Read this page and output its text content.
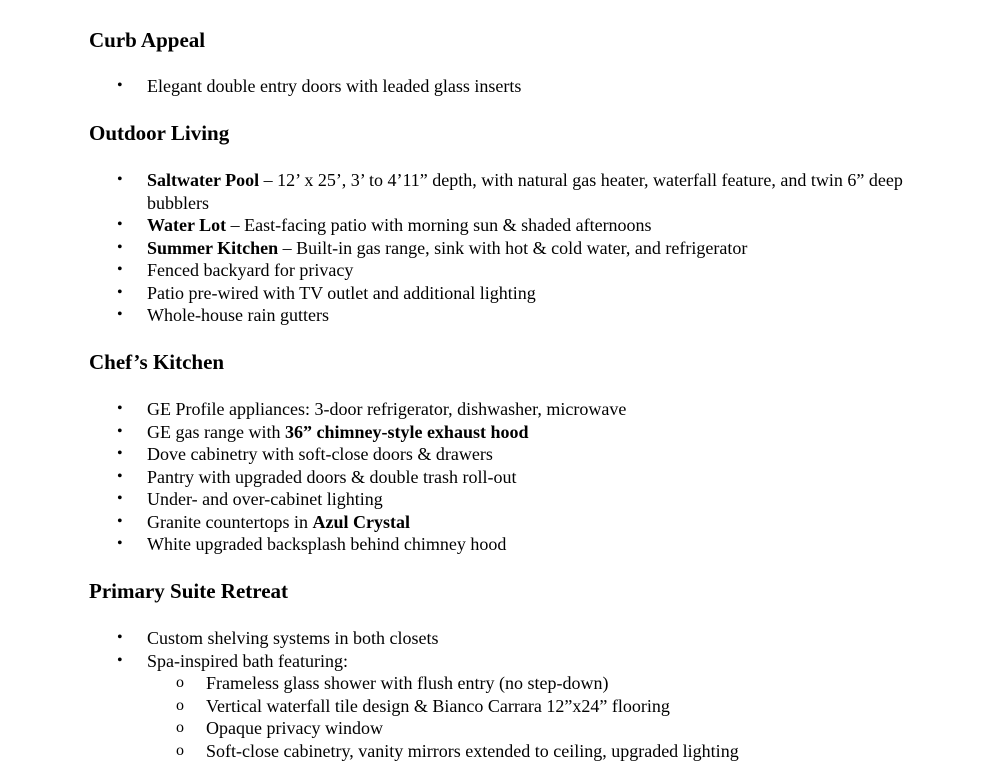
Curb Appeal
• Elegant double entry doors with leaded glass inserts
Outdoor Living
• Saltwater Pool – 12’ x 25’, 3’ to 4’11” depth, with natural gas heater, waterfall feature, and twin 6” deep bubblers
• Water Lot – East-facing patio with morning sun & shaded afternoons
• Summer Kitchen – Built-in gas range, sink with hot & cold water, and refrigerator
• Fenced backyard for privacy
• Patio pre-wired with TV outlet and additional lighting
• Whole-house rain gutters
Chef’s Kitchen
• GE Profile appliances: 3-door refrigerator, dishwasher, microwave
• GE gas range with 36” chimney-style exhaust hood
• Dove cabinetry with soft-close doors & drawers
• Pantry with upgraded doors & double trash roll-out
• Under- and over-cabinet lighting
• Granite countertops in Azul Crystal
• White upgraded backsplash behind chimney hood
Primary Suite Retreat
• Custom shelving systems in both closets
• Spa-inspired bath featuring:
o Frameless glass shower with flush entry (no step-down)
o Vertical waterfall tile design & Bianco Carrara 12”x24” flooring
o Opaque privacy window
o Soft-close cabinetry, vanity mirrors extended to ceiling, upgraded lighting
